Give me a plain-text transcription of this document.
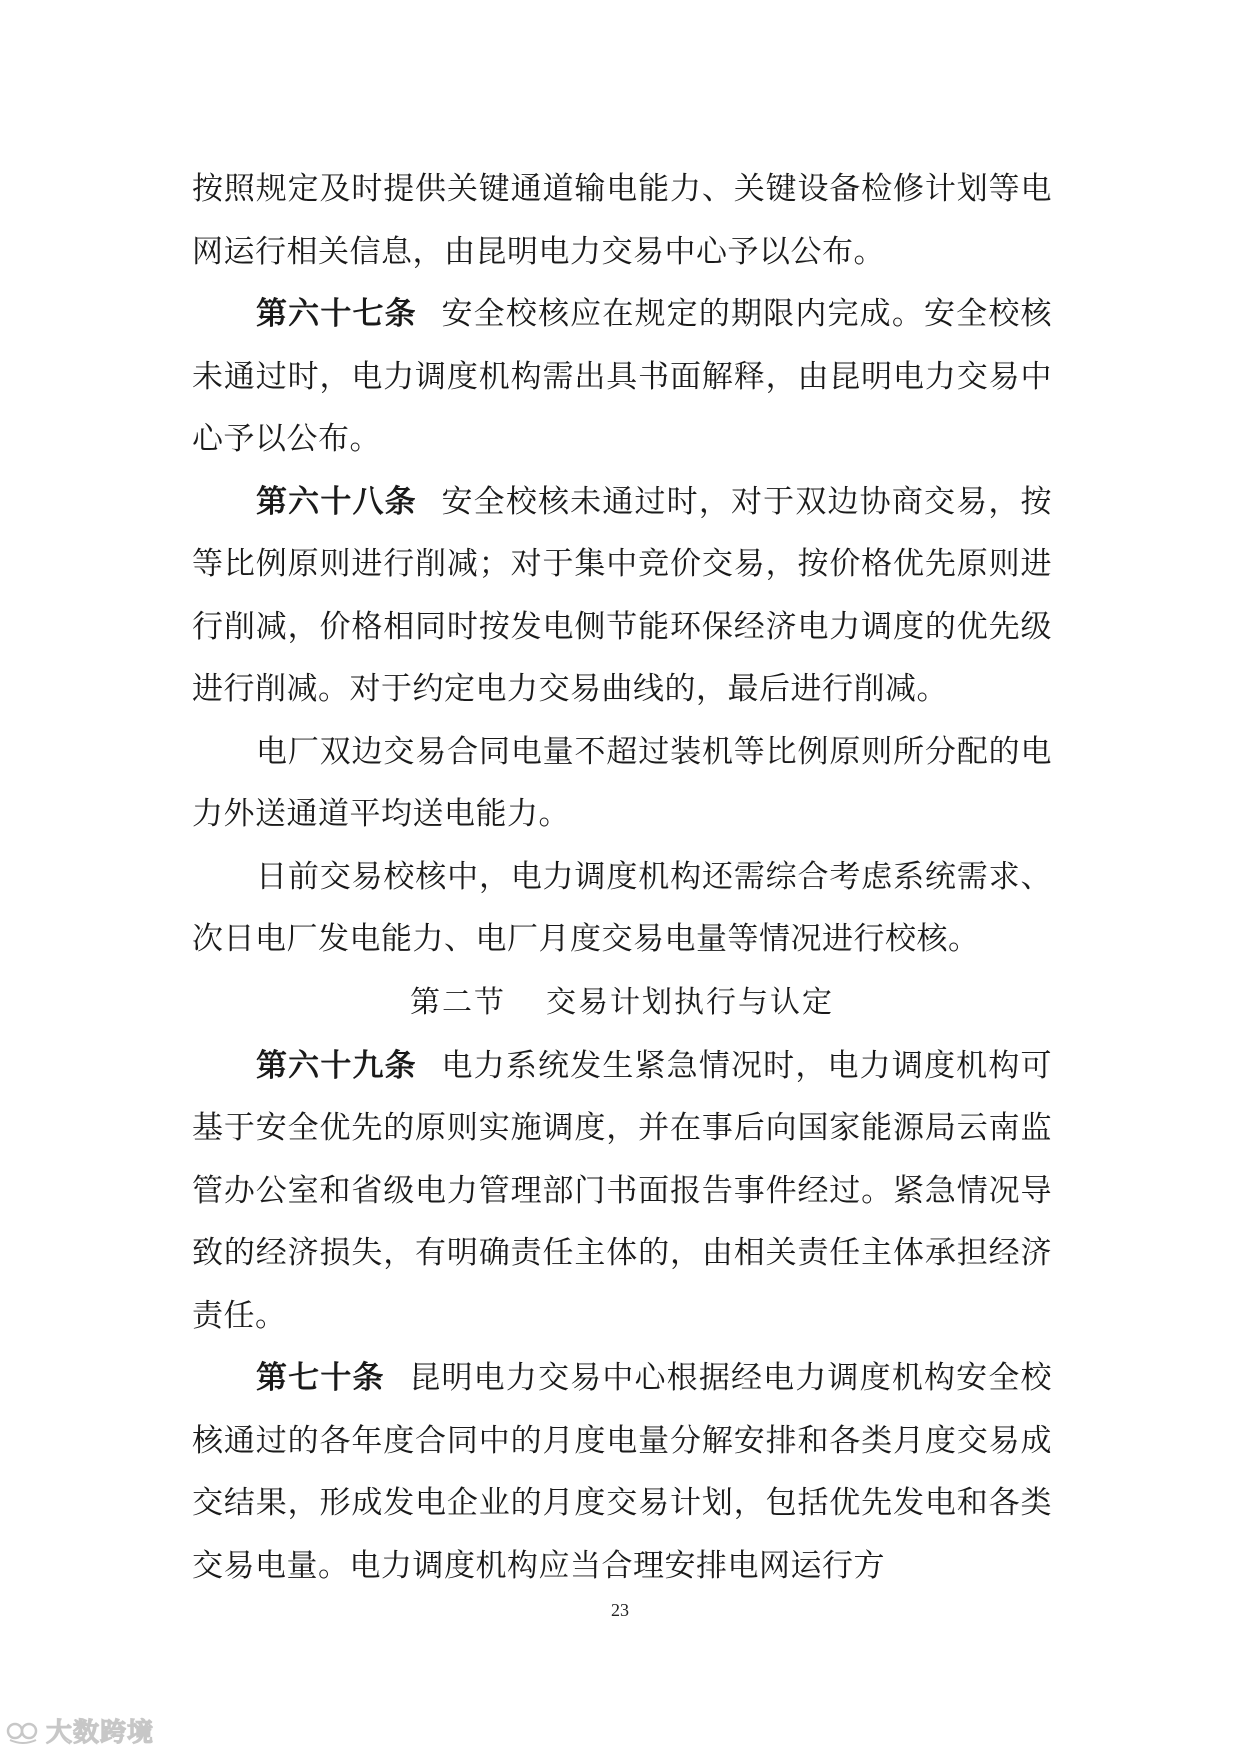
按照规定及时提供关键通道输电能力、关键设备检修计划等电网运行相关信息，由昆明电力交易中心予以公布。

第六十七条 安全校核应在规定的期限内完成。安全校核未通过时，电力调度机构需出具书面解释，由昆明电力交易中心予以公布。

第六十八条 安全校核未通过时，对于双边协商交易，按等比例原则进行削减；对于集中竞价交易，按价格优先原则进行削减，价格相同时按发电侧节能环保经济电力调度的优先级进行削减。对于约定电力交易曲线的，最后进行削减。

电厂双边交易合同电量不超过装机等比例原则所分配的电力外送通道平均送电能力。

日前交易校核中，电力调度机构还需综合考虑系统需求、次日电厂发电能力、电厂月度交易电量等情况进行校核。

第二节 交易计划执行与认定

第六十九条 电力系统发生紧急情况时，电力调度机构可基于安全优先的原则实施调度，并在事后向国家能源局云南监管办公室和省级电力管理部门书面报告事件经过。紧急情况导致的经济损失，有明确责任主体的，由相关责任主体承担经济责任。

第七十条 昆明电力交易中心根据经电力调度机构安全校核通过的各年度合同中的月度电量分解安排和各类月度交易成交结果，形成发电企业的月度交易计划，包括优先发电和各类交易电量。电力调度机构应当合理安排电网运行方

23
大数跨境
